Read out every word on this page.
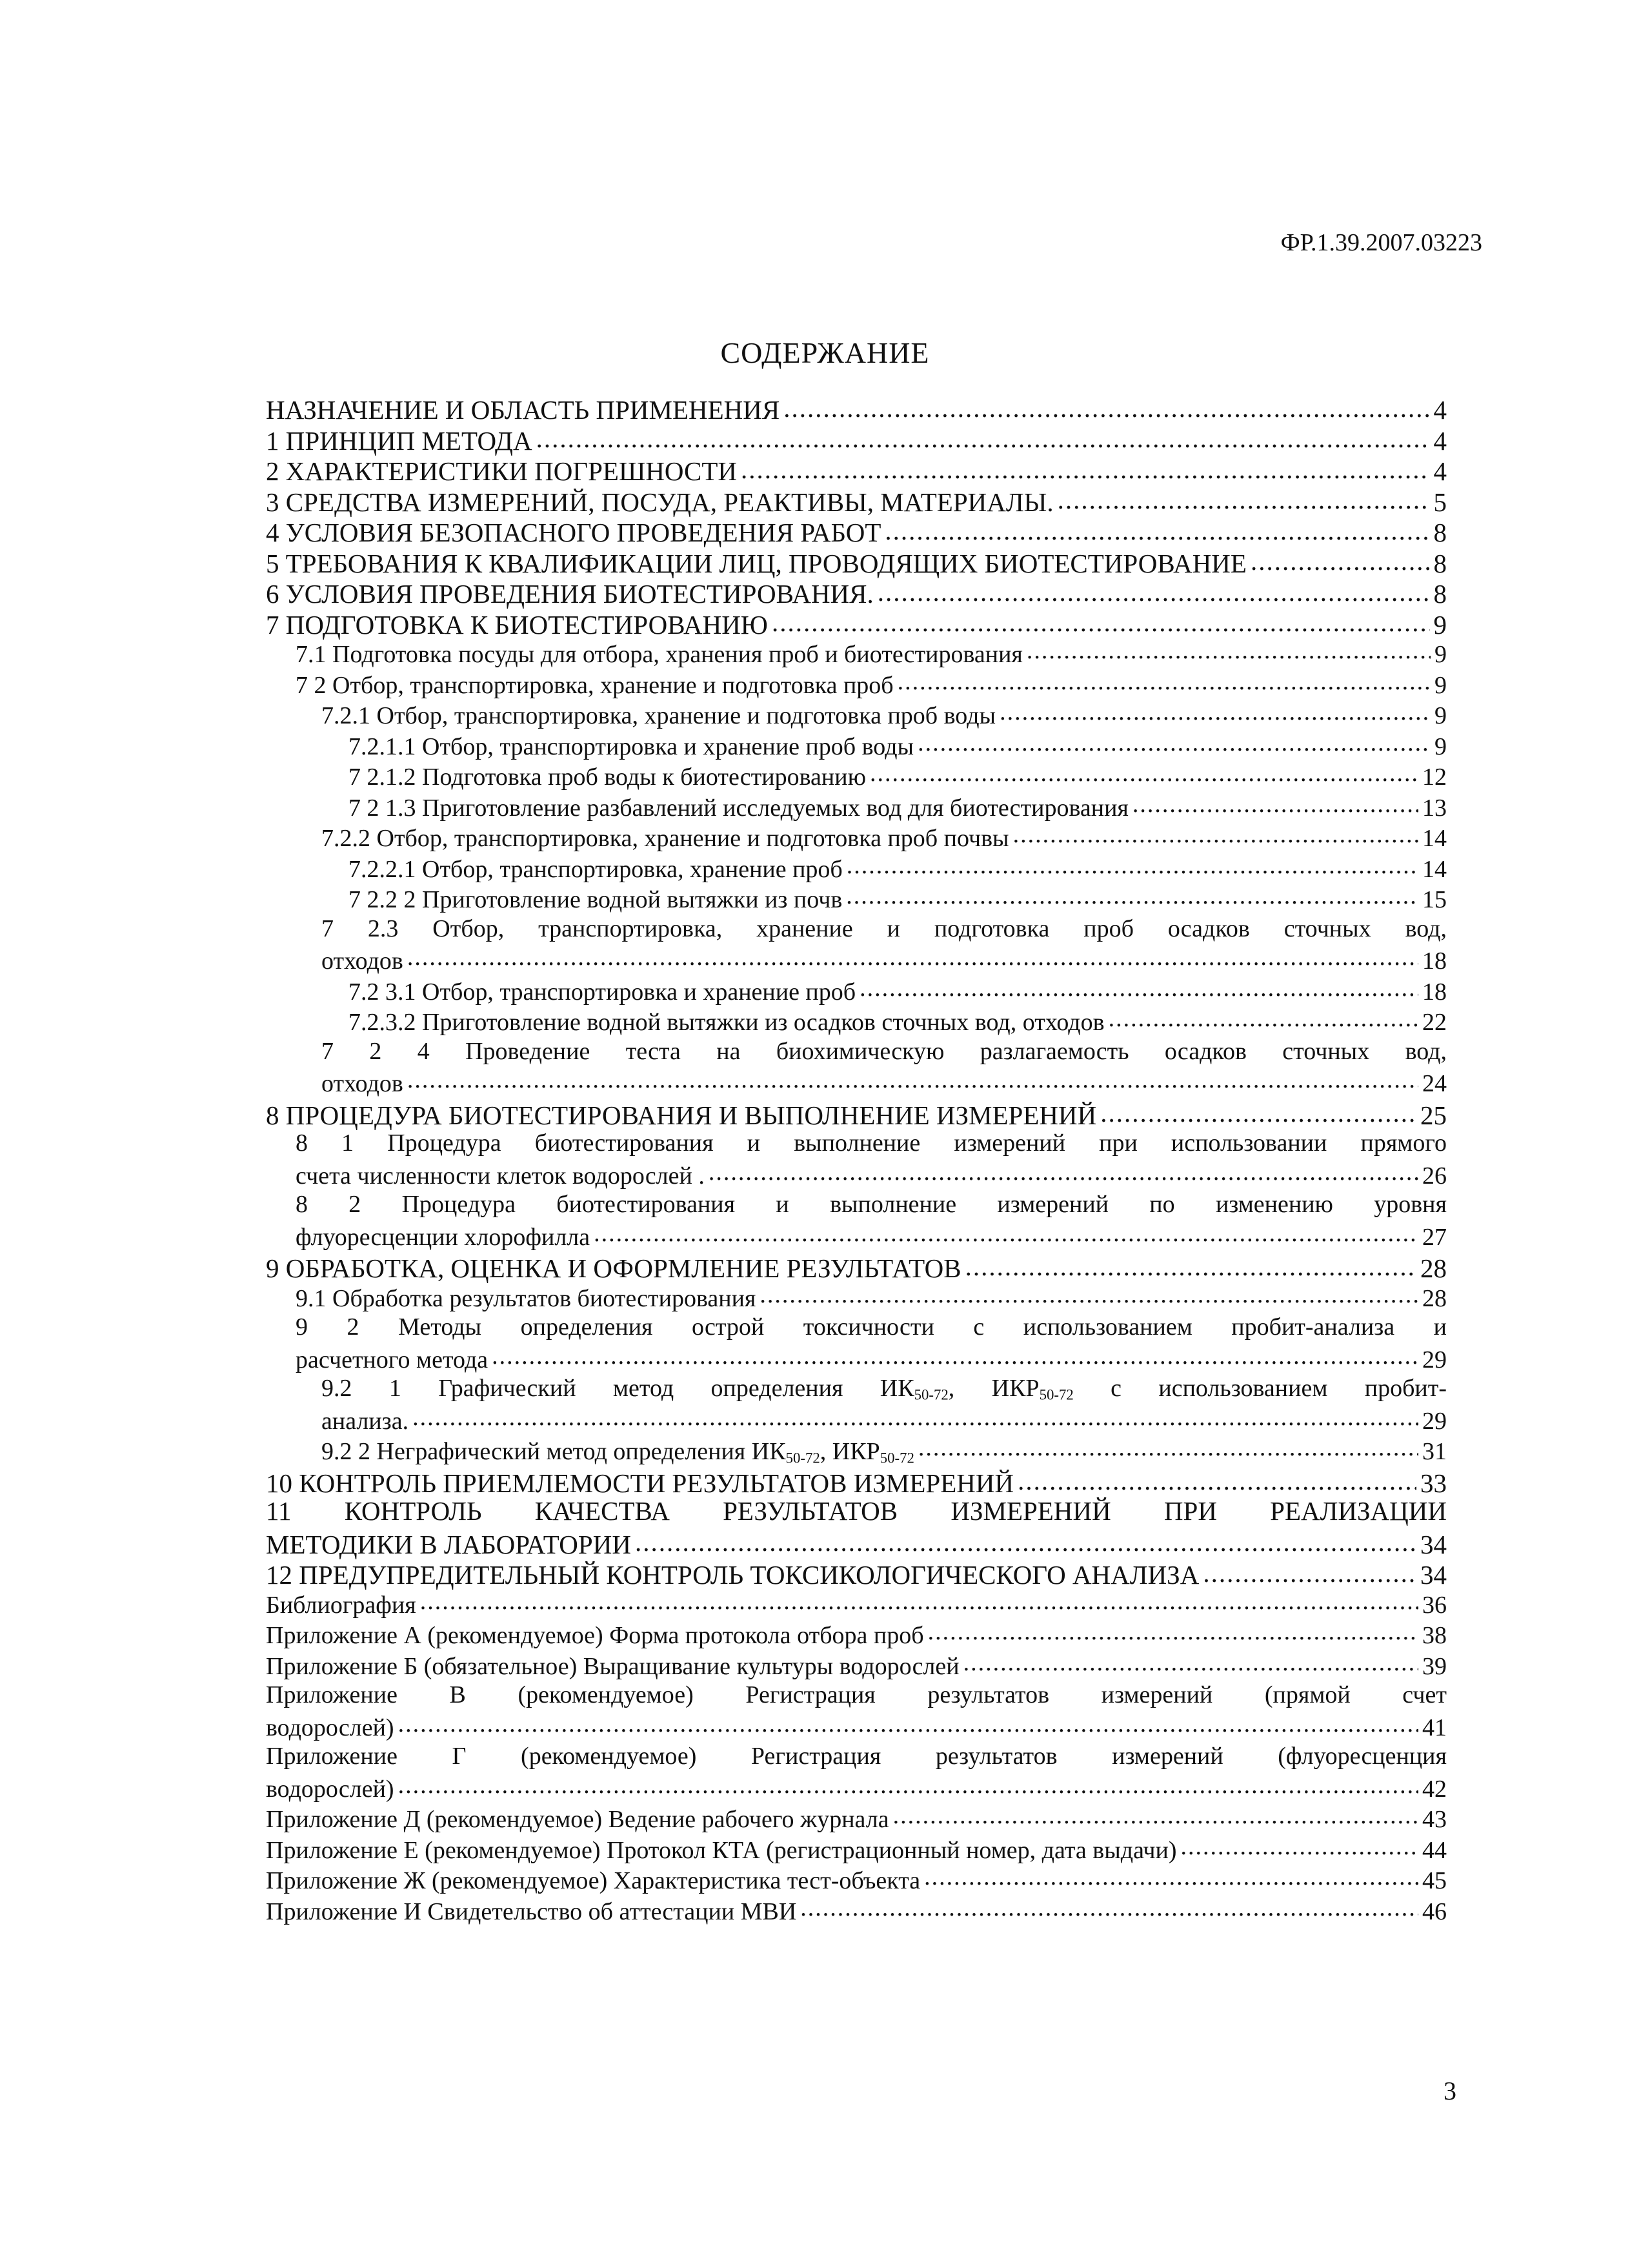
ФР.1.39.2007.03223
СОДЕРЖАНИЕ
НАЗНАЧЕНИЕ И ОБЛАСТЬ ПРИМЕНЕНИЯ .....	4
1 ПРИНЦИП МЕТОДА .....	4
2 ХАРАКТЕРИСТИКИ ПОГРЕШНОСТИ .....	4
3 СРЕДСТВА ИЗМЕРЕНИЙ, ПОСУДА, РЕАКТИВЫ, МАТЕРИАЛЫ. .....	5
4 УСЛОВИЯ БЕЗОПАСНОГО ПРОВЕДЕНИЯ РАБОТ .....	8
5 ТРЕБОВАНИЯ К КВАЛИФИКАЦИИ ЛИЦ, ПРОВОДЯЩИХ БИОТЕСТИРОВАНИЕ .....	8
6 УСЛОВИЯ ПРОВЕДЕНИЯ БИОТЕСТИРОВАНИЯ. .....	8
7 ПОДГОТОВКА К БИОТЕСТИРОВАНИЮ .....	9
7.1 Подготовка посуды для отбора, хранения проб и биотестирования .....	9
7 2 Отбор, транспортировка, хранение и подготовка проб .....	9
7.2.1 Отбор, транспортировка, хранение и подготовка проб воды .....	9
7.2.1.1 Отбор, транспортировка и хранение проб воды .....	9
7 2.1.2 Подготовка проб воды к биотестированию .....	12
7 2 1.3 Приготовление разбавлений исследуемых вод для биотестирования .....	13
7.2.2 Отбор, транспортировка, хранение и подготовка проб почвы .....	14
7.2.2.1 Отбор, транспортировка, хранение проб .....	14
7 2.2 2 Приготовление водной вытяжки из почв .....	15
7 2.3 Отбор, транспортировка, хранение и подготовка проб осадков сточных вод,
отходов .....	18
7.2 3.1 Отбор, транспортировка и хранение проб .....	18
7.2.3.2 Приготовление водной вытяжки из осадков сточных вод, отходов .....	22
7 2 4 Проведение теста на биохимическую разлагаемость осадков сточных вод,
отходов .....	24
8 ПРОЦЕДУРА БИОТЕСТИРОВАНИЯ И ВЫПОЛНЕНИЕ ИЗМЕРЕНИЙ .....	25
8 1 Процедура биотестирования и выполнение измерений при использовании прямого
счета численности клеток водорослей . .....	26
8 2 Процедура биотестирования и выполнение измерений по изменению уровня
флуоресценции хлорофилла .....	27
9 ОБРАБОТКА, ОЦЕНКА И ОФОРМЛЕНИЕ РЕЗУЛЬТАТОВ .....	28
9.1 Обработка результатов биотестирования .....	28
9 2 Методы определения острой токсичности с использованием пробит-анализа и
расчетного метода .....	29
9.2 1 Графический метод определения $ИК_{50-72}$, $ИКР_{50-72}$ с использованием пробит-
анализа. .....	29
9.2 2 Неграфический метод определения $ИК_{50-72}$, $ИКР_{50-72}$ .....	31
10 КОНТРОЛЬ ПРИЕМЛЕМОСТИ РЕЗУЛЬТАТОВ ИЗМЕРЕНИЙ .....	33
11 КОНТРОЛЬ КАЧЕСТВА РЕЗУЛЬТАТОВ ИЗМЕРЕНИЙ ПРИ РЕАЛИЗАЦИИ
МЕТОДИКИ В ЛАБОРАТОРИИ .....	34
12 ПРЕДУПРЕДИТЕЛЬНЫЙ КОНТРОЛЬ ТОКСИКОЛОГИЧЕСКОГО АНАЛИЗА .....	34
Библиография .....	36
Приложение А (рекомендуемое) Форма протокола отбора проб .....	38
Приложение Б (обязательное) Выращивание культуры водорослей .....	39
Приложение В (рекомендуемое) Регистрация результатов измерений (прямой счет
водорослей) .....	41
Приложение Г (рекомендуемое) Регистрация результатов измерений (флуоресценция
водорослей) .....	42
Приложение Д (рекомендуемое) Ведение рабочего журнала .....	43
Приложение Е (рекомендуемое) Протокол КТА (регистрационный номер, дата выдачи) .....	44
Приложение Ж (рекомендуемое) Характеристика тест-объекта .....	45
Приложение И Свидетельство об аттестации МВИ .....	46
3
